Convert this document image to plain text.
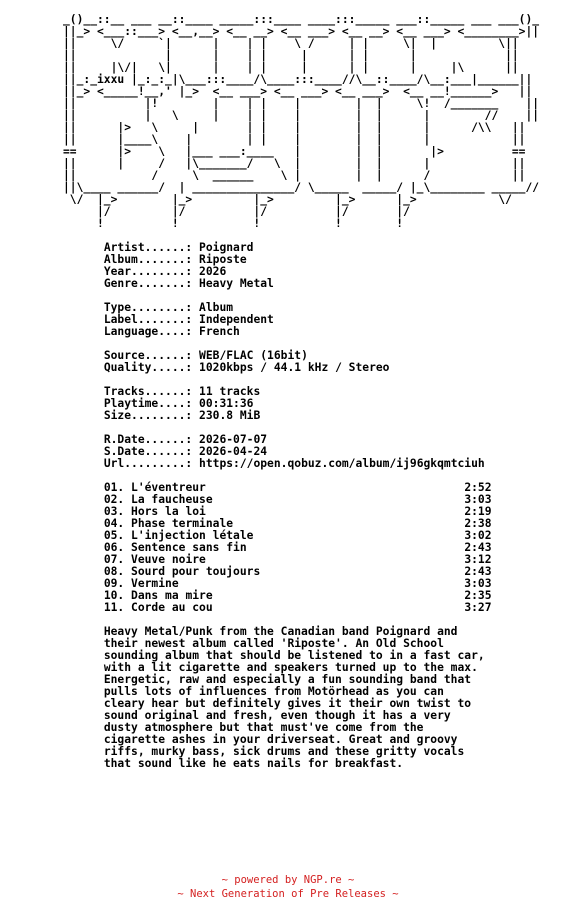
_()__::__ ___ __::____ _____:::____ ____:::_____ ___::_____ ___ ___()_
||_> <___::___> <__,__> <__ __> <__ ___> <__ __> <__ ___> <________>||
||     \/     `|      |    | |    \ /     | |     \|  |         \||
||             |      |    | |     |      | |      |             ||
||     |\/|   \|      |    | |     |      | |      |     |\      ||
||_:_ixxu |_:_:_|\___:::____/\____:::____//\__::____/\__:___|______||
||_> <_____!__,' |_>  <__ ___> <__ ___> <__ ___>  <__ __!______>   ||
||          |!        |    | |    |        |  |     \!  /_______    ||
||          |   \     |    | |    |        |  |      |        //    ||
||      |>   \     |       | |    |        |  |      |      /\\   ||
||      |____\    |        | |    |        |  |      |            ||
==      |>    \   |___ ___:____   |        |  |       |>          ==
||      |     /   |\_______/   \  |        |  |      |            ||
||           /     \  ______    \ |        |  |      /            ||
||\____ ______/  | _______________/ \_____  _____/ |_\________ _____//
\/  |_>        |_>         |_>         |_>      |_>            \/
|/         |/          |/          |/       |/
!          !           !           !        !

Artist......: Poignard
Album.......: Riposte
Year........: 2026
Genre.......: Heavy Metal
Type........: Album
Label.......: Independent
Language....: French
Source......: WEB/FLAC (16bit)
Quality.....: 1020kbps / 44.1 kHz / Stereo
Tracks......: 11 tracks
Playtime....: 00:31:36
Size........: 230.8 MiB
R.Date......: 2026-07-07
S.Date......: 2026-04-24
Url.........: https://open.qobuz.com/album/ij96gkqmtciuh
01. L'éventreur	2:52
02. La faucheuse	3:03
03. Hors la loi	2:19
04. Phase terminale	2:38
05. L'injection létale	3:02
06. Sentence sans fin	2:43
07. Veuve noire	3:12
08. Sourd pour toujours	2:43
09. Vermine	3:03
10. Dans ma mire	2:35
11. Corde au cou	3:27
Heavy Metal/Punk from the Canadian band Poignard and
their newest album called 'Riposte'. An Old School
sounding album that should be listened to in a fast car,
with a lit cigarette and speakers turned up to the max.
Energetic, raw and especially a fun sounding band that
pulls lots of influences from Motörhead as you can
cleary hear but definitely gives it their own twist to
sound original and fresh, even though it has a very
dusty atmosphere but that must've come from the
cigarette ashes in your driverseat. Great and groovy
riffs, murky bass, sick drums and these gritty vocals
that sound like he eats nails for breakfast.
~ powered by NGP.re ~
~ Next Generation of Pre Releases ~
